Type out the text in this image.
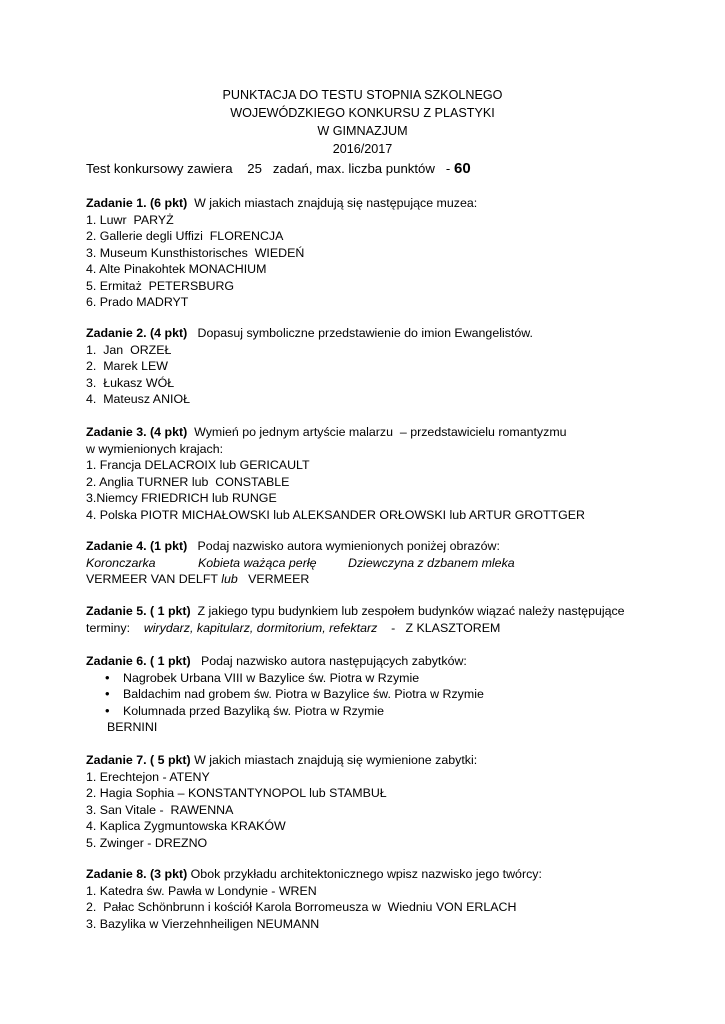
PUNKTACJA DO TESTU STOPNIA SZKOLNEGO
WOJEWÓDZKIEGO KONKURSU Z PLASTYKI
W GIMNAZJUM
2016/2017
Test konkursowy zawiera 25 zadań, max. liczba punktów   - 60
Zadanie 1. (6 pkt) W jakich miastach znajdują się następujące muzea:
1. Luwr  PARYŻ
2. Gallerie degli Uffizi  FLORENCJA
3. Museum Kunsthistorisches  WIEDEŃ
4. Alte Pinakohtek MONACHIUM
5. Ermitaż  PETERSBURG
6. Prado MADRYT
Zadanie 2. (4 pkt) Dopasuj symboliczne przedstawienie do imion Ewangelistów.
1.  Jan  ORZEŁ
2.  Marek LEW
3.  Łukasz WÓŁ
4.  Mateusz ANIOŁ
Zadanie 3. (4 pkt) Wymień po jednym artyście malarzu  – przedstawicielu romantyzmu
w wymienionych krajach:
1. Francja DELACROIX lub GERICAULT
2. Anglia TURNER lub  CONSTABLE
3.Niemcy FRIEDRICH lub RUNGE
4. Polska PIOTR MICHAŁOWSKI lub ALEKSANDER ORŁOWSKI lub ARTUR GROTTGER
Zadanie 4. (1 pkt) Podaj nazwisko autora wymienionych poniżej obrazów:
Koronczarka	Kobieta ważąca perłę	Dziewczyna z dzbanem mleka
VERMEER VAN DELFT lub VERMEER
Zadanie 5. ( 1 pkt) Z jakiego typu budynkiem lub zespołem budynków wiązać należy następujące
terminy: wirydarz, kapitularz, dormitorium, refektarz -   Z KLASZTOREM
Zadanie 6. ( 1 pkt) Podaj nazwisko autora następujących zabytków:
• Nagrobek Urbana VIII w Bazylice św. Piotra w Rzymie
• Baldachim nad grobem św. Piotra w Bazylice św. Piotra w Rzymie
• Kolumnada przed Bazyliką św. Piotra w Rzymie
BERNINI
Zadanie 7. ( 5 pkt) W jakich miastach znajdują się wymienione zabytki:
1. Erechtejon - ATENY
2. Hagia Sophia – KONSTANTYNOPOL lub STAMBUŁ
3. San Vitale -  RAWENNA
4. Kaplica Zygmuntowska KRAKÓW
5. Zwinger - DREZNO
Zadanie 8. (3 pkt) Obok przykładu architektonicznego wpisz nazwisko jego twórcy:
1. Katedra św. Pawła w Londynie - WREN
2.  Pałac Schönbrunn i kościół Karola Borromeusza w  Wiedniu VON ERLACH
3. Bazylika w Vierzehnheiligen NEUMANN
